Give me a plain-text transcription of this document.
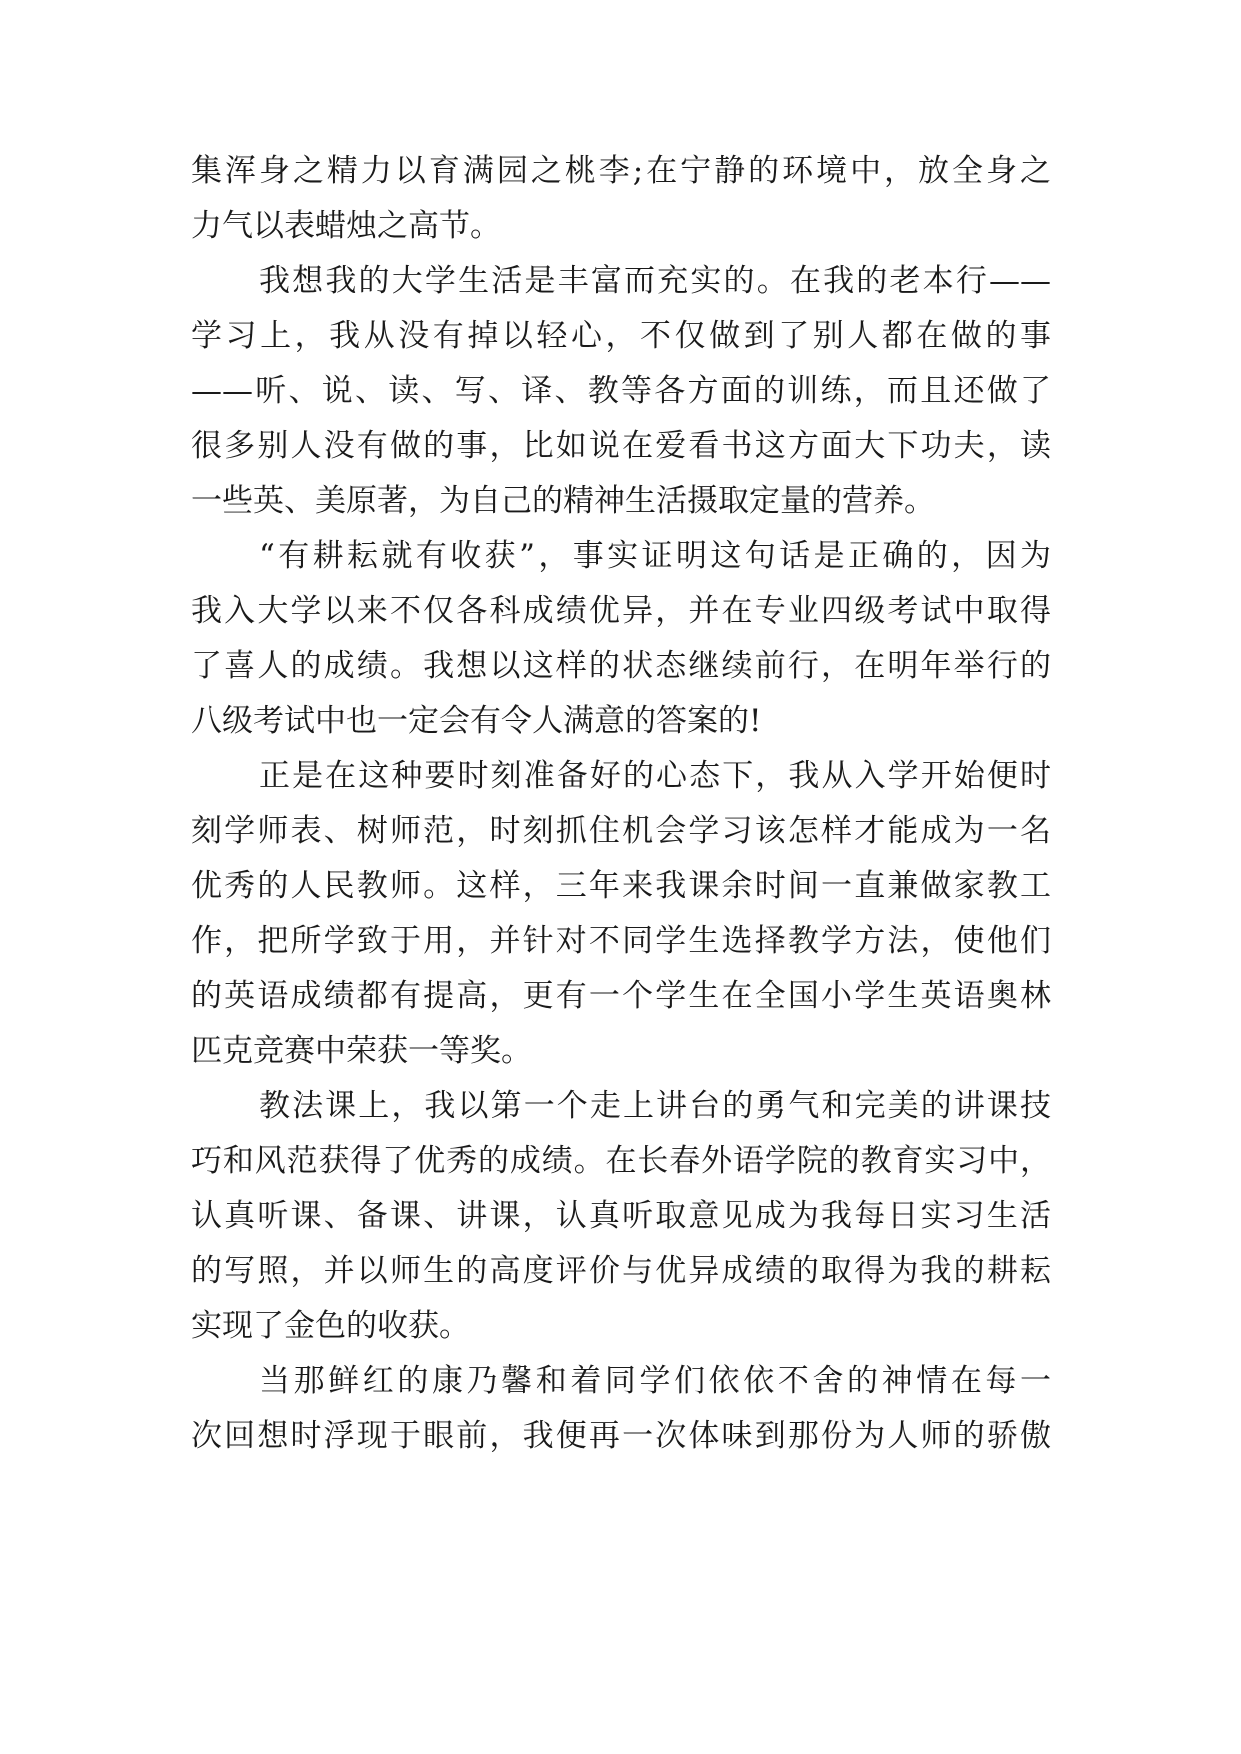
集浑身之精力以育满园之桃李;在宁静的环境中，放全身之
力气以表蜡烛之高节。
我想我的大学生活是丰富而充实的。在我的老本行——
学习上，我从没有掉以轻心，不仅做到了别人都在做的事
——听、说、读、写、译、教等各方面的训练，而且还做了
很多别人没有做的事，比如说在爱看书这方面大下功夫，读
一些英、美原著，为自己的精神生活摄取定量的营养。
“有耕耘就有收获”，事实证明这句话是正确的，因为
我入大学以来不仅各科成绩优异，并在专业四级考试中取得
了喜人的成绩。我想以这样的状态继续前行，在明年举行的
八级考试中也一定会有令人满意的答案的!
正是在这种要时刻准备好的心态下，我从入学开始便时
刻学师表、树师范，时刻抓住机会学习该怎样才能成为一名
优秀的人民教师。这样，三年来我课余时间一直兼做家教工
作，把所学致于用，并针对不同学生选择教学方法，使他们
的英语成绩都有提高，更有一个学生在全国小学生英语奥林
匹克竞赛中荣获一等奖。
教法课上，我以第一个走上讲台的勇气和完美的讲课技
巧和风范获得了优秀的成绩。在长春外语学院的教育实习中，
认真听课、备课、讲课，认真听取意见成为我每日实习生活
的写照，并以师生的高度评价与优异成绩的取得为我的耕耘
实现了金色的收获。
当那鲜红的康乃馨和着同学们依依不舍的神情在每一
次回想时浮现于眼前，我便再一次体味到那份为人师的骄傲
